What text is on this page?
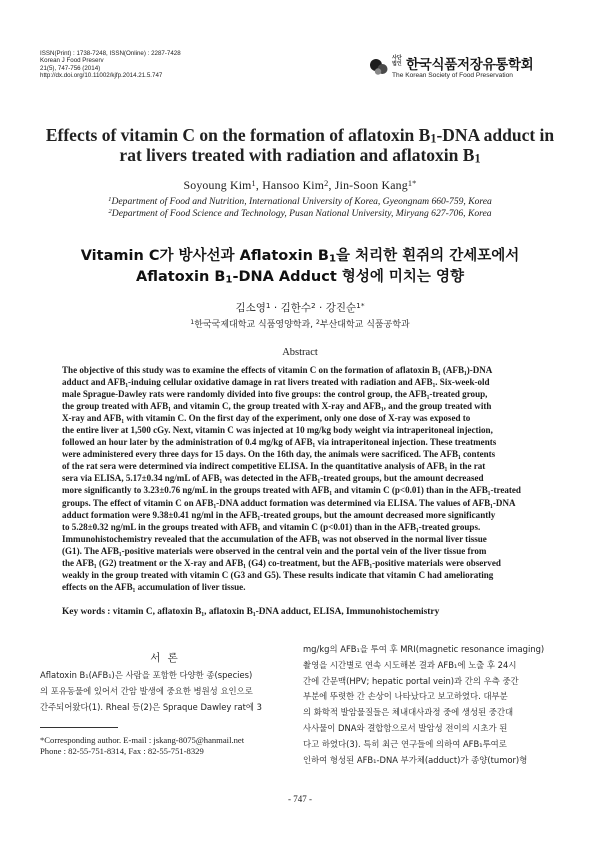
ISSN(Print) : 1738-7248, ISSN(Online) : 2287-7428
Korean J Food Preserv
21(5), 747-756 (2014)
http://dx.doi.org/10.11002/kjfp.2014.21.5.747
사단
법인 한국식품저장유통학회
The Korean Society of Food Preservation
Effects of vitamin C on the formation of aflatoxin $B_1$-DNA adduct in
rat livers treated with radiation and aflatoxin $B_1$
Soyoung Kim$^1$, Hansoo Kim$^2$, Jin-Soon Kang$^{1*}$
$^1$Department of Food and Nutrition, International University of Korea, Gyeongnam 660-759, Korea
$^2$Department of Food Science and Technology, Pusan National University, Miryang 627-706, Korea
Vitamin C가 방사선과 Aflatoxin $B_1$을 처리한 흰쥐의 간세포에서
Aflatoxin $B_1$-DNA Adduct 형성에 미치는 영향
김소영$^1$ · 김한수$^2$ · 강진순$^{1*}$
$^1$한국국제대학교 식품영양학과, $^2$부산대학교 식품공학과
Abstract
The objective of this study was to examine the effects of vitamin C on the formation of aflatoxin B₁ (AFB₁)-DNA
adduct and AFB₁-induing cellular oxidative damage in rat livers treated with radiation and AFB₁. Six-week-old
male Sprague-Dawley rats were randomly divided into five groups: the control group, the AFB₁-treated group,
the group treated with AFB₁ and vitamin C, the group treated with X-ray and AFB₁, and the group treated with
X-ray and AFB₁ with vitamin C. On the first day of the experiment, only one dose of X-ray was exposed to
the entire liver at 1,500 cGy. Next, vitamin C was injected at 10 mg/kg body weight via intraperitoneal injection,
followed an hour later by the administration of 0.4 mg/kg of AFB₁ via intraperitoneal injection. These treatments
were administered every three days for 15 days. On the 16th day, the animals were sacrificed. The AFB₁ contents
of the rat sera were determined via indirect competitive ELISA. In the quantitative analysis of AFB₁ in the rat
sera via ELISA, 5.17±0.34 ng/mL of AFB₁ was detected in the AFB₁-treated groups, but the amount decreased
more significantly to 3.23±0.76 ng/mL in the groups treated with AFB₁ and vitamin C (p<0.01) than in the AFB₁-treated
groups. The effect of vitamin C on AFB₁-DNA adduct formation was determined via ELISA. The values of AFB₁-DNA
adduct formation were 9.38±0.41 ng/ml in the AFB₁-treated groups, but the amount decreased more significantly
to 5.28±0.32 ng/mL in the groups treated with AFB₁ and vitamin C (p<0.01) than in the AFB₁-treated groups.
Immunohistochemistry revealed that the accumulation of the AFB₁ was not observed in the normal liver tissue
(G1). The AFB₁-positive materials were observed in the central vein and the portal vein of the liver tissue from
the AFB₁ (G2) treatment or the X-ray and AFB₁ (G4) co-treatment, but the AFB₁-positive materials were observed
weakly in the group treated with vitamin C (G3 and G5). These results indicate that vitamin C had ameliorating
effects on the AFB₁ accumulation of liver tissue.
Key words : vitamin C, aflatoxin B₁, aflatoxin B₁-DNA adduct, ELISA, Immunohistochemistry
서 론
Aflatoxin B₁(AFB₁)은 사람을 포함한 다양한 종(species)
의 포유동물에 있어서 간암 발생에 중요한 병원성 요인으로
간주되어왔다(1). Rheal 등(2)은 Spraque Dawley rat에 3
mg/kg의 AFB₁을 투여 후 MRI(magnetic resonance imaging)
촬영을 시간별로 연속 시도해본 결과 AFB₁에 노출 후 24시
간에 간문맥(HPV; hepatic portal vein)과 간의 우측 중간
부분에 뚜렷한 간 손상이 나타났다고 보고하였다. 대부분
의 화학적 발암물질들은 체내대사과정 중에 생성된 중간대
사사물이 DNA와 결합함으로서 발암성 전이의 시초가 된
다고 하였다(3). 특히 최근 연구들에 의하여 AFB₁투여로
인하여 형성된 AFB₁-DNA 부가체(adduct)가 종양(tumor)형
*Corresponding author. E-mail : jskang-8075@hanmail.net
Phone : 82-55-751-8314, Fax : 82-55-751-8329
- 747 -
